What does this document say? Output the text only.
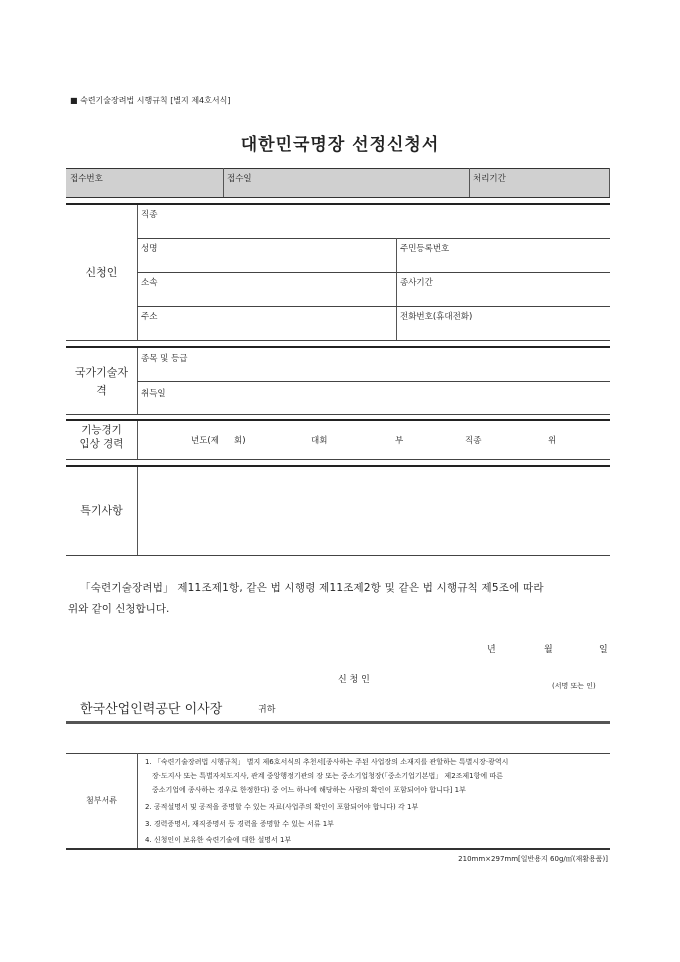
■ 숙련기술장려법 시행규칙 [별지 제4호서식]
대한민국명장 선정신청서
접수번호	접수일	처리기간
신청인
직종
성명	주민등록번호
소속	종사기간
주소	전화번호(휴대전화)
국가기술자
격
종목 및 등급
취득일
기능경기
입상 경력	년도(제 회)	대회	부	직종	위
특기사항
「숙련기술장려법」 제11조제1항, 같은 법 시행령 제11조제2항 및 같은 법 시행규칙 제5조에 따라
위와 같이 신청합니다.
년	월	일
신 청 인
(서명 또는 인)
한국산업인력공단 이사장	귀하
첨부서류
1. 「숙련기술장려법 시행규칙」 별지 제6호서식의 추천서[종사하는 주된 사업장의 소재지를 관할하는 특별시장·광역시
장·도지사 또는 특별자치도지사, 관계 중앙행정기관의 장 또는 중소기업청장(「중소기업기본법」 제2조제1항에 따른
중소기업에 종사하는 경우로 한정한다) 중 어느 하나에 해당하는 사람의 확인이 포함되어야 합니다] 1부
2. 공적설명서 및 공적을 증명할 수 있는 자료(사업주의 확인이 포함되어야 합니다) 각 1부
3. 경력증명서, 재직증명서 등 경력을 증명할 수 있는 서류 1부
4. 신청인이 보유한 숙련기술에 대한 설명서 1부
210mm×297mm[일반용지 60g/㎡(재활용품)]
